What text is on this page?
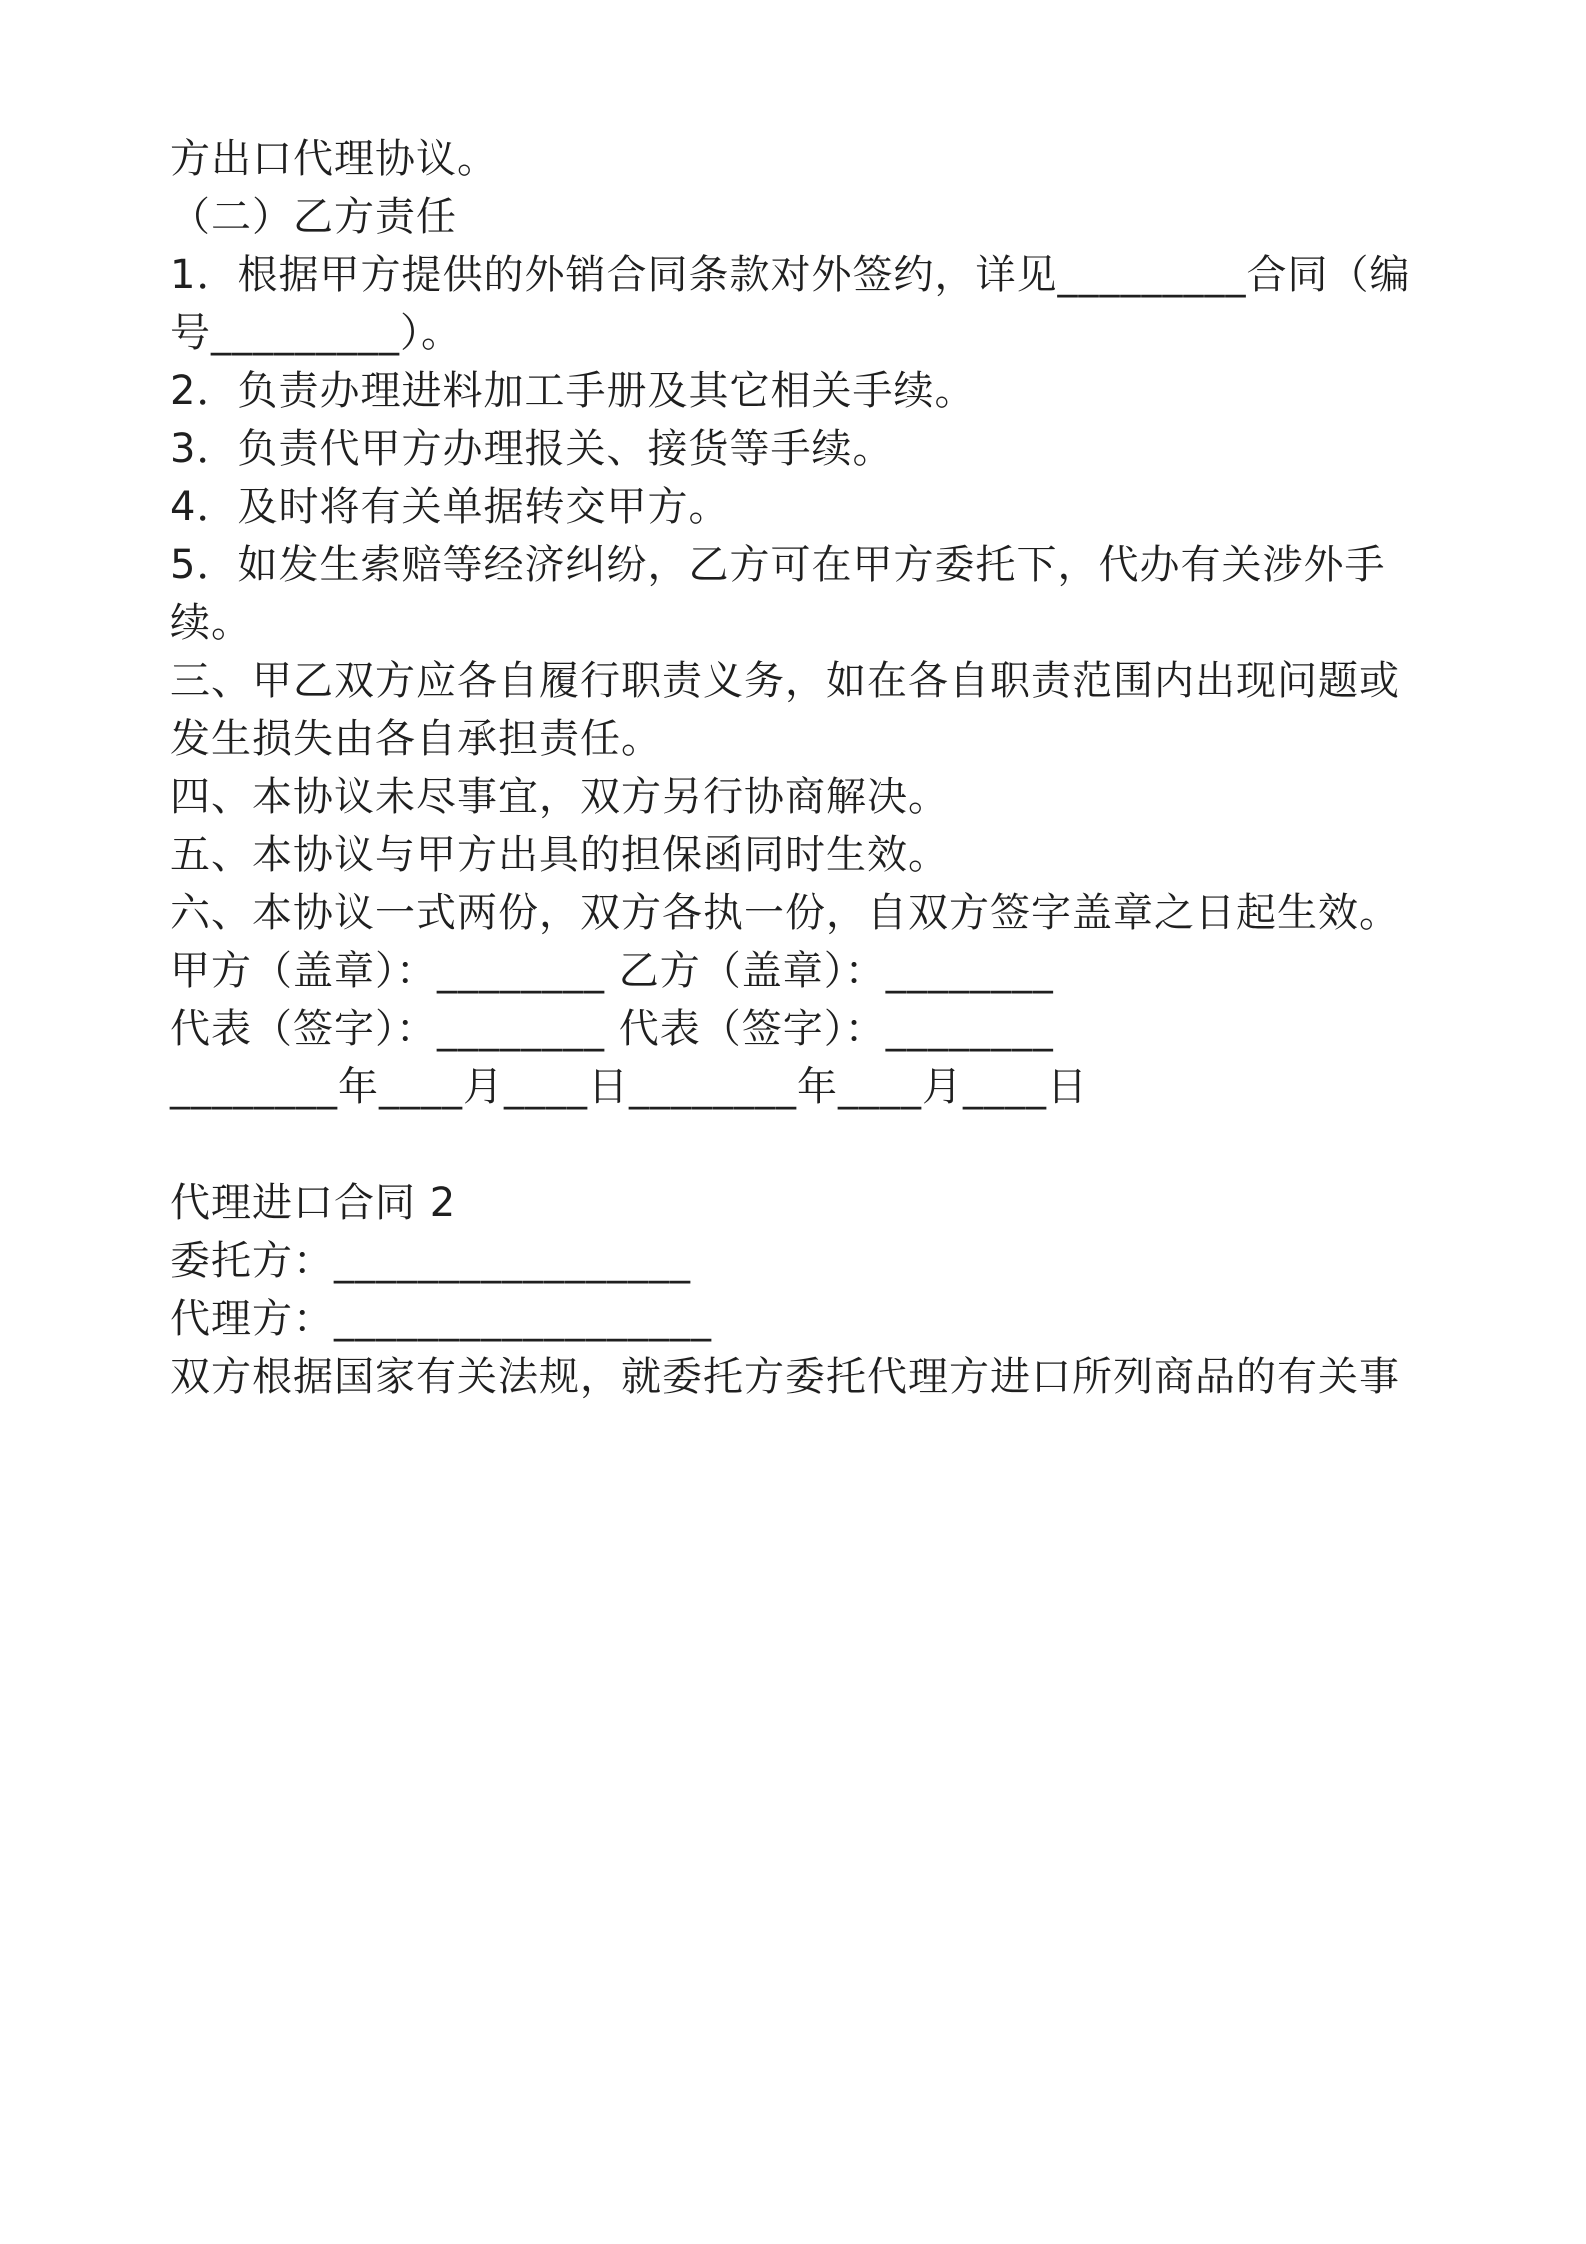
方出口代理协议。
（二）乙方责任
1．根据甲方提供的外销合同条款对外签约，详见_________合同（编
号_________）。
2．负责办理进料加工手册及其它相关手续。
3．负责代甲方办理报关、接货等手续。
4．及时将有关单据转交甲方。
5．如发生索赔等经济纠纷，乙方可在甲方委托下，代办有关涉外手
续。
三、甲乙双方应各自履行职责义务，如在各自职责范围内出现问题或
发生损失由各自承担责任。
四、本协议未尽事宜，双方另行协商解决。
五、本协议与甲方出具的担保函同时生效。
六、本协议一式两份，双方各执一份，自双方签字盖章之日起生效。
甲方（盖章）：________ 乙方（盖章）：________
代表（签字）：________ 代表（签字）：________
________年____月____日________年____月____日

代理进口合同 2
委托方：_________________
代理方：__________________
双方根据国家有关法规，就委托方委托代理方进口所列商品的有关事
